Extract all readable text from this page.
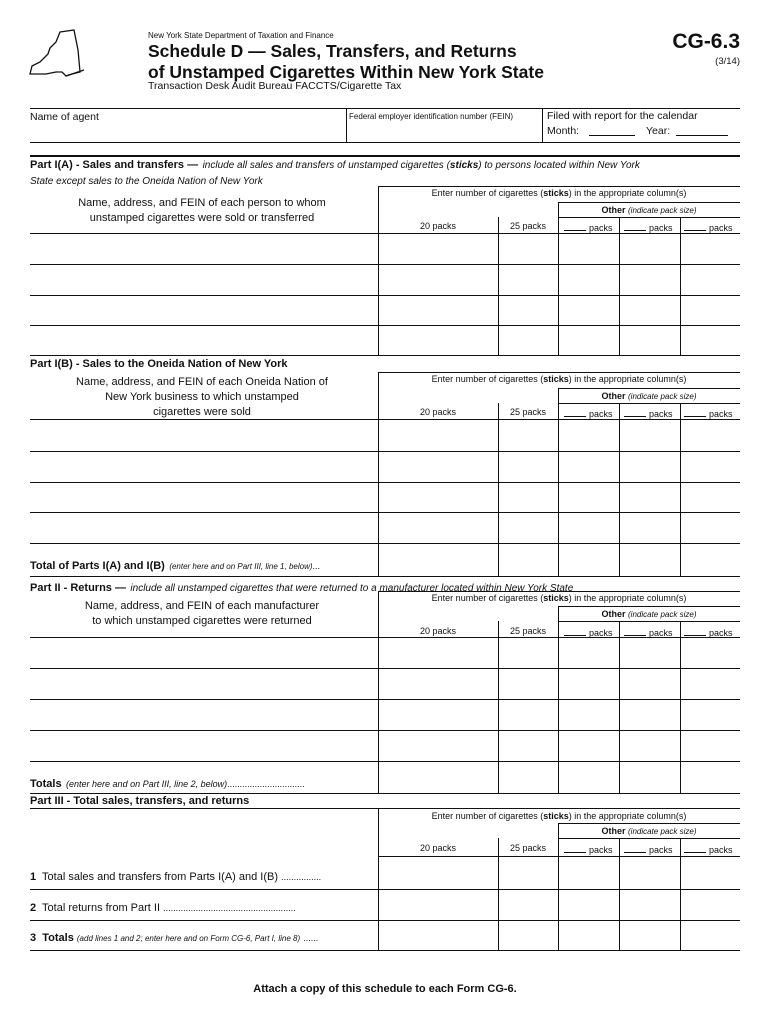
New York State Department of Taxation and Finance
Schedule D — Sales, Transfers, and Returns
of Unstamped Cigarettes Within New York State
Transaction Desk Audit Bureau FACCTS/Cigarette Tax
CG-6.3
(3/14)
Name of agent	Federal employer identification number (FEIN)	Filed with report for the calendar
Month:	Year:
Part I(A) - Sales and transfers — include all sales and transfers of unstamped cigarettes (sticks) to persons located within New York
State except sales to the Oneida Nation of New York
Name, address, and FEIN of each person to whom
unstamped cigarettes were sold or transferred
Enter number of cigarettes (sticks) in the appropriate column(s)
Other (indicate pack size)
20 packs	25 packs	packs	packs	packs
Part I(B) - Sales to the Oneida Nation of New York
Name, address, and FEIN of each Oneida Nation of
New York business to which unstamped
cigarettes were sold
Enter number of cigarettes (sticks) in the appropriate column(s)
Other (indicate pack size)
20 packs	25 packs	packs	packs	packs
Total of Parts I(A) and I(B) (enter here and on Part III, line 1, below)...
Part II - Returns — include all unstamped cigarettes that were returned to a manufacturer located within New York State
Name, address, and FEIN of each manufacturer
to which unstamped cigarettes were returned
Enter number of cigarettes (sticks) in the appropriate column(s)
Other (indicate pack size)
20 packs	25 packs	packs	packs	packs
Totals (enter here and on Part III, line 2, below)...............................
Part III - Total sales, transfers, and returns
Enter number of cigarettes (sticks) in the appropriate column(s)
Other (indicate pack size)
20 packs	25 packs	packs	packs	packs
1 Total sales and transfers from Parts I(A) and I(B) ................
2 Total returns from Part II .....................................................
3 Totals (add lines 1 and 2; enter here and on Form CG-6, Part I, line 8) ......
Attach a copy of this schedule to each Form CG-6.
